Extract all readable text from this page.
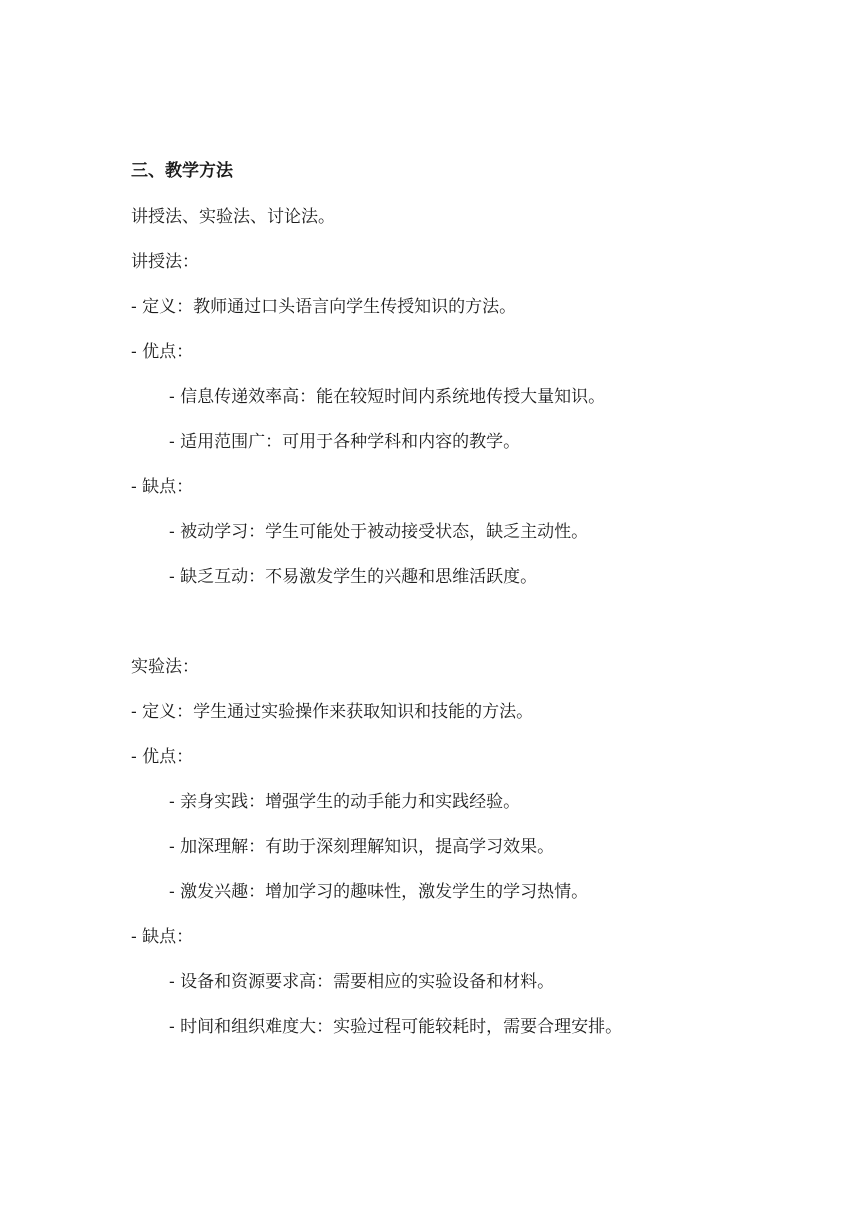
三、教学方法
讲授法、实验法、讨论法。
讲授法：
- 定义：教师通过口头语言向学生传授知识的方法。
- 优点：
- 信息传递效率高：能在较短时间内系统地传授大量知识。
- 适用范围广：可用于各种学科和内容的教学。
- 缺点：
- 被动学习：学生可能处于被动接受状态，缺乏主动性。
- 缺乏互动：不易激发学生的兴趣和思维活跃度。
实验法：
- 定义：学生通过实验操作来获取知识和技能的方法。
- 优点：
- 亲身实践：增强学生的动手能力和实践经验。
- 加深理解：有助于深刻理解知识，提高学习效果。
- 激发兴趣：增加学习的趣味性，激发学生的学习热情。
- 缺点：
- 设备和资源要求高：需要相应的实验设备和材料。
- 时间和组织难度大：实验过程可能较耗时，需要合理安排。
